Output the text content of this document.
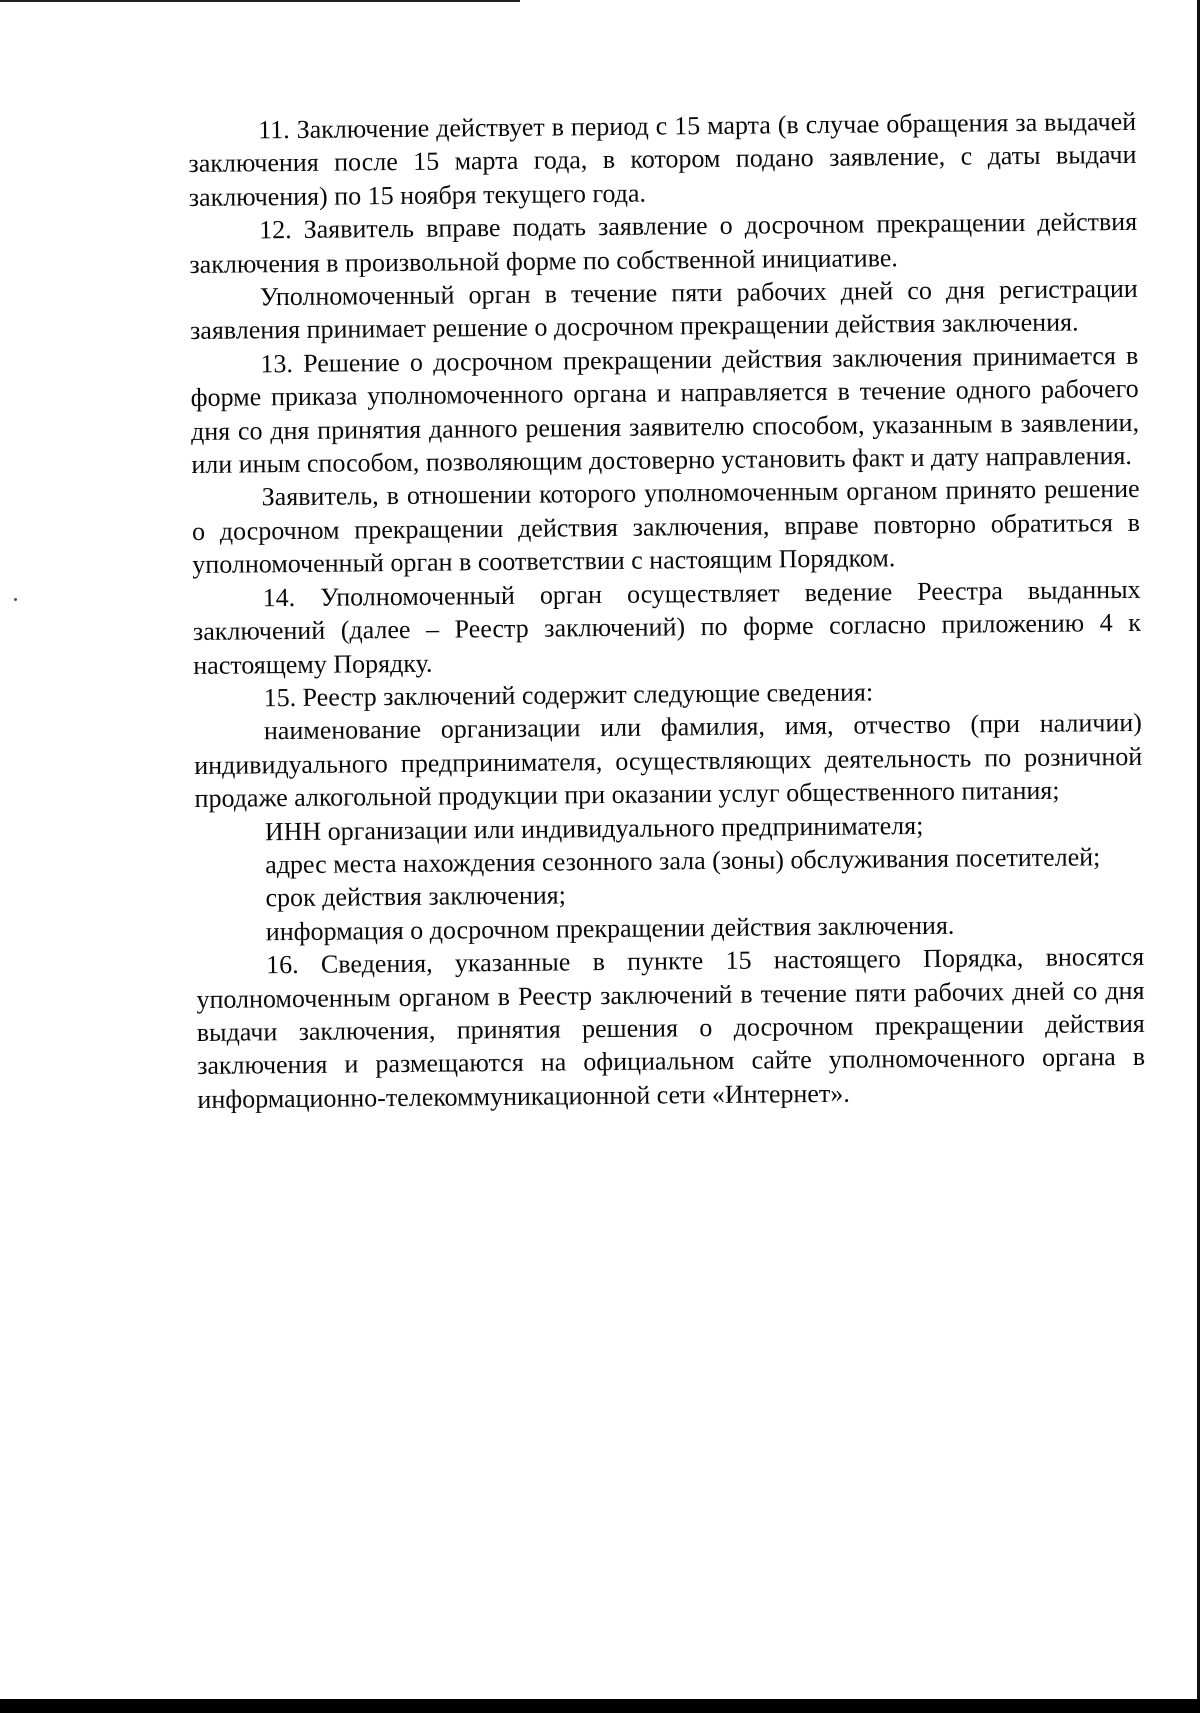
11. Заключение действует в период с 15 марта (в случае обращения за выдачей заключения после 15 марта года, в котором подано заявление, с даты выдачи заключения) по 15 ноября текущего года.

12. Заявитель вправе подать заявление о досрочном прекращении действия заключения в произвольной форме по собственной инициативе.

Уполномоченный орган в течение пяти рабочих дней со дня регистрации заявления принимает решение о досрочном прекращении действия заключения.

13. Решение о досрочном прекращении действия заключения принимается в форме приказа уполномоченного органа и направляется в течение одного рабочего дня со дня принятия данного решения заявителю способом, указанным в заявлении, или иным способом, позволяющим достоверно установить факт и дату направления.

Заявитель, в отношении которого уполномоченным органом принято решение о досрочном прекращении действия заключения, вправе повторно обратиться в уполномоченный орган в соответствии с настоящим Порядком.

14. Уполномоченный орган осуществляет ведение Реестра выданных заключений (далее – Реестр заключений) по форме согласно приложению 4 к настоящему Порядку.

15. Реестр заключений содержит следующие сведения:

наименование организации или фамилия, имя, отчество (при наличии) индивидуального предпринимателя, осуществляющих деятельность по розничной продаже алкогольной продукции при оказании услуг общественного питания;

ИНН организации или индивидуального предпринимателя;

адрес места нахождения сезонного зала (зоны) обслуживания посетителей;

срок действия заключения;

информация о досрочном прекращении действия заключения.

16. Сведения, указанные в пункте 15 настоящего Порядка, вносятся уполномоченным органом в Реестр заключений в течение пяти рабочих дней со дня выдачи заключения, принятия решения о досрочном прекращении действия заключения и размещаются на официальном сайте уполномоченного органа в информационно-телекоммуникационной сети «Интернет».
